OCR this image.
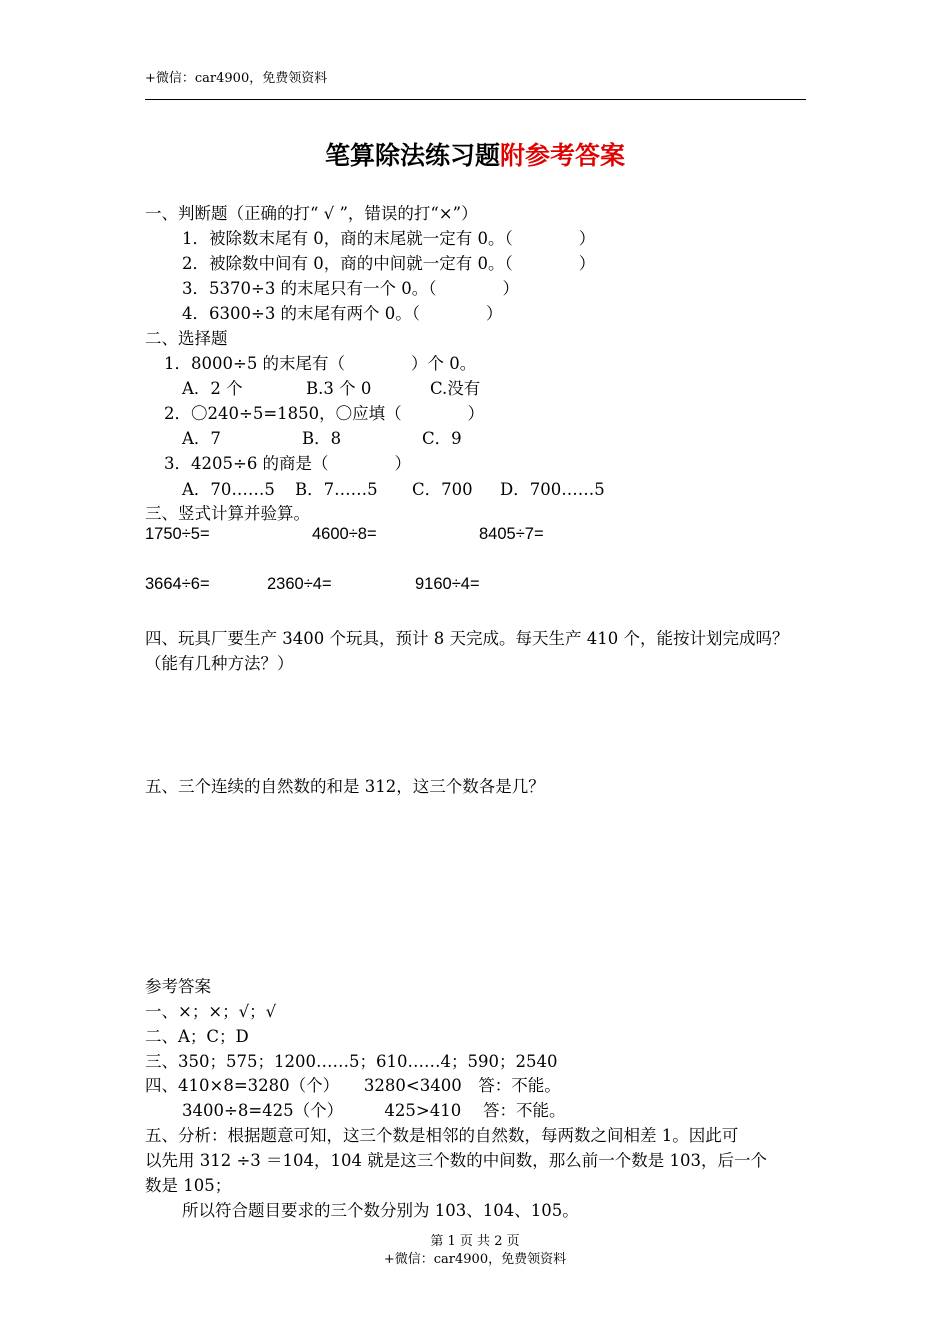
+微信：car4900，免费领资料
笔算除法练习题附参考答案
一、判断题（正确的打“ √ ”，错误的打“×”）
1．被除数末尾有 0，商的末尾就一定有 0。（　　　　）
2．被除数中间有 0，商的中间就一定有 0。（　　　　）
3．5370÷3 的末尾只有一个 0。（　　　　）
4．6300÷3 的末尾有两个 0。（　　　　）
二、选择题
1．8000÷5 的末尾有（　　　　）个 0。
A．2 个	B.3 个 0	C.没有
2．〇240÷5=1850，〇应填（　　　　）
A．7	B．8	C．9
3．4205÷6 的商是（　　　　）
A．70……5 B．7……5 C．700 D．700……5
三、竖式计算并验算。
1750÷5=	4600÷8=	8405÷7=
3664÷6=	2360÷4=	9160÷4=
四、玩具厂要生产 3400 个玩具，预计 8 天完成。每天生产 410 个，能按计划完成吗？
（能有几种方法？）
五、三个连续的自然数的和是 312，这三个数各是几？
参考答案
一、×；×；√；√
二、A；C；D
三、350；575；1200……5；610……4；590；2540
四、410×8=3280（个）　　3280<3400　答：不能。
3400÷8=425（个）　　　425>410　 答：不能。
五、分析：根据题意可知，这三个数是相邻的自然数，每两数之间相差 1。因此可
以先用 312 ÷3 ＝104，104 就是这三个数的中间数，那么前一个数是 103，后一个
数是 105；
所以符合题目要求的三个数分别为 103、104、105。
第 1 页 共 2 页
+微信：car4900，免费领资料
